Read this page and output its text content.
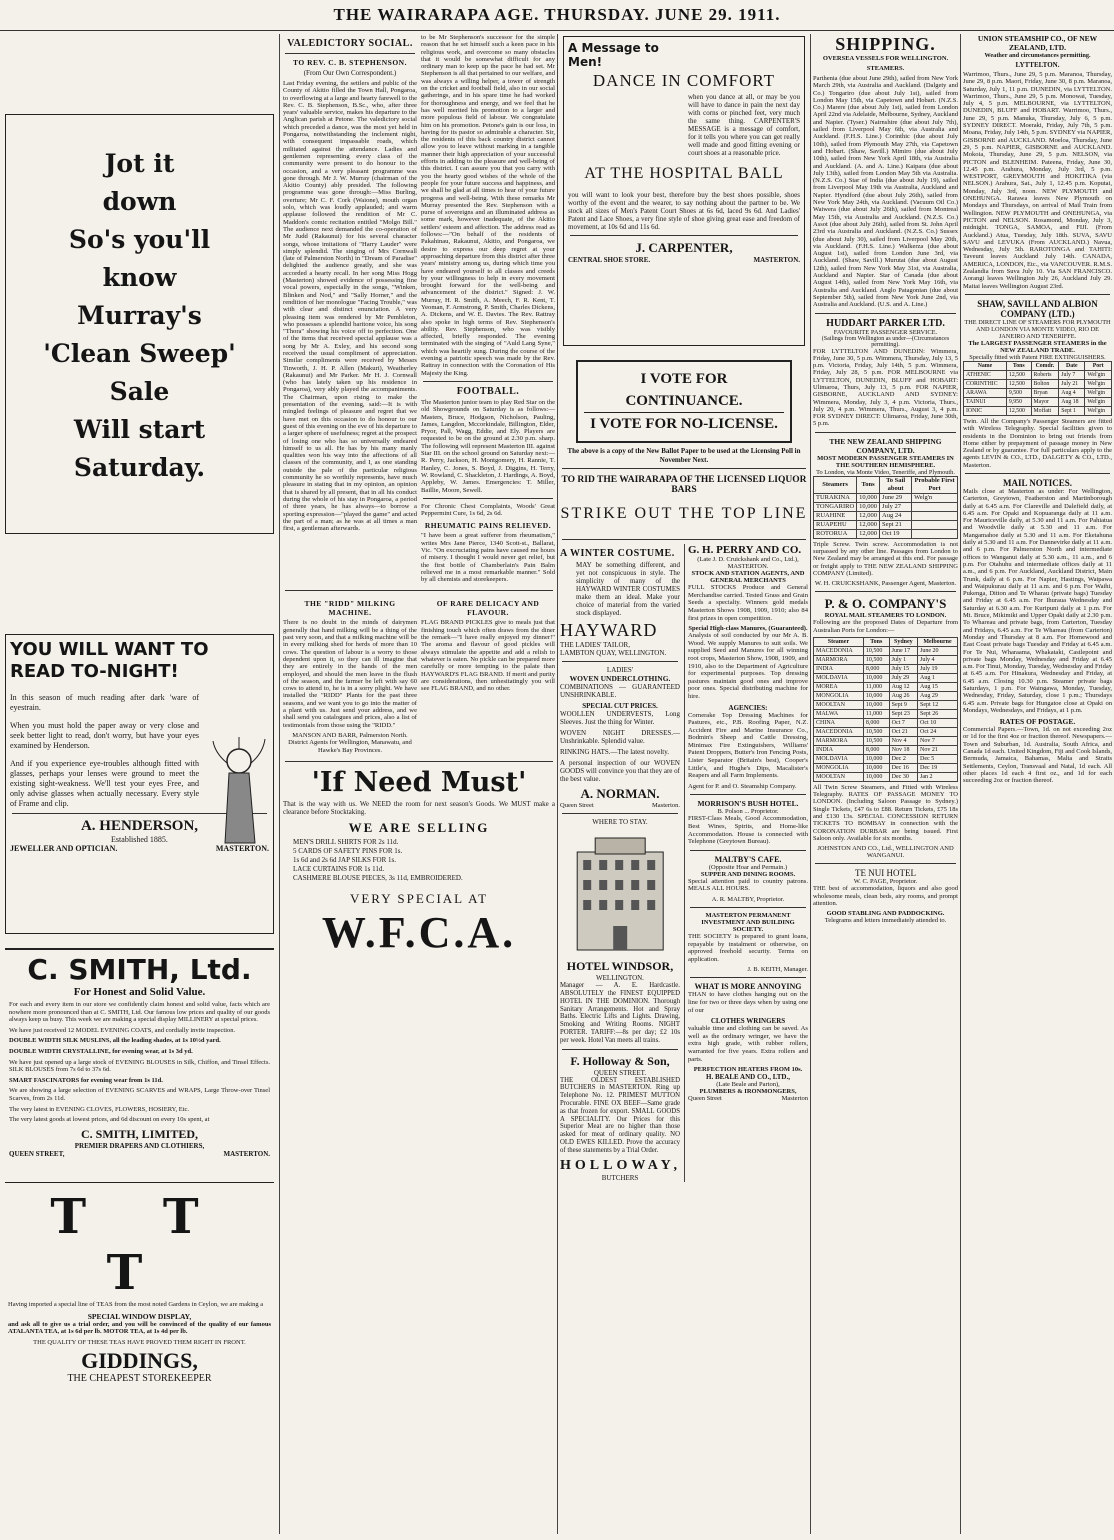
THE WAIRARAPA AGE. THURSDAY. JUNE 29. 1911.
Jot it
down
So's you'll
know
Murray's
'Clean Sweep'
Sale
Will start
Saturday.
YOU WILL WANT TO READ TO-NIGHT!

In this season of much reading after dark 'ware of eyestrain.

When you must hold the paper away or very close and seek better light to read, don't worry, but have your eyes examined by Henderson.

And if you experience eye-troubles although fitted with glasses, perhaps your lenses were ground to meet the existing sight-weakness. We'll test your eyes Free, and only advise glasses when actually necessary. Every style of Frame and clip.

A. HENDERSON,
Established 1885.
JEWELLER AND OPTICIAN.	MASTERTON.
C. SMITH, Ltd.
For Honest and Solid Value.

For each and every item in our store we confidently claim honest and solid value, facts which are nowhere more pronounced than at C. SMITH, Ltd. Our famous low prices and quality of our goods always keep us busy. This week we are making a special display MILLINERY at special prices.

We have just received 12 MODEL EVENING COATS, and cordially invite inspection.

DOUBLE WIDTH SILK MUSLINS, all the leading shades, at 1s 10½d yard.

DOUBLE WIDTH CRYSTALLINE, for evening wear, at 1s 3d yd.

We have just opened up a large stock of EVENING BLOUSES in Silk, Chiffon, and Tinsel Effects. SILK BLOUSES from 7s 6d to 37s 6d.

SMART FASCINATORS for evening wear from 1s 11d.

We are showing a large selection of EVENING SCARVES and WRAPS, Large Throw-over Tinsel Scarves, from 2s 11d.

The very latest in EVENING CLOVES, FLOWERS, HOSIERY, Etc.

The very latest goods at lowest prices, and 6d discount on every 10s spent, at

C. SMITH, LIMITED,
PREMIER DRAPERS AND CLOTHIERS,
QUEEN STREET,	MASTERTON.
T T T

Having imported a special line of TEAS from the most noted Gardens in Ceylon, we are making a

SPECIAL WINDOW DISPLAY,

and ask all to give us a trial order, and you will be convinced of the quality of our famous ATALANTA TEA, at 1s 6d per lb. MOTOR TEA, at 1s 4d per lb.

THE QUALITY OF THESE TEAS HAVE PROVED THEM RIGHT IN FRONT.

GIDDINGS,
THE CHEAPEST STOREKEEPER
VALEDICTORY SOCIAL.
TO REV. C. B. STEPHENSON.
(From Our Own Correspondent.)

Last Friday evening, the settlers and public of the County of Akitio filled the Town Hall, Pongaroa, to overflowing at a large and hearty farewell to the Rev. C. B. Stephenson, B.Sc., who, after three years' valuable service, makes his departure to the Anglican parish at Petone. The valedictory social which preceded a dance, was the most yet held in Pongaroa, notwithstanding the inclement night, with consequent impassable roads, which militated against the attendance. Ladies and gentlemen representing every class of the community were present to do honour to the occasion, and a very pleasant programme was gone through. Mr J. W. Murray (chairman of the Akitio County) ably presided. The following programme was gone through:—Miss Burling, overture; Mr C. F. Cork (Waione), mouth organ solo, which was loudly applauded; and warm applause followed the rendition of Mr C. Maddon's comic recitation entitled "Molgo Bill." The audience next demanded the co-operation of Mr Judd (Rakaunui) for his several character songs, whose imitations of "Harry Lauder" were simply splendid. The singing of Mrs Cornwall (late of Palmerston North) in "Dream of Paradise" delighted the audience greatly, and she was accorded a hearty recall. In her song Miss Hogg (Masterton) showed evidence of possessing fine vocal powers, especially in the songs, "Winken, Blinken and Nod," and "Sally Horner," and the rendition of her monologue "Facing Trouble," was with clear and distinct enunciation. A very pleasing item was rendered by Mr Pembleton, who possesses a splendid baritone voice, his song "Thora" showing his voice off to perfection. One of the items that received special applause was a song by Mr A. Exley, and his second song received the usual compliment of appreciation. Similar compliments were received by Messrs Tinworth, J. H. P. Allen (Makuri), Weatherley (Rakaunui) and Mr Parker. Mr H. J. Cornwall (who has lately taken up his residence in Pongaroa), very ably played the accompaniments. The Chairman, upon rising to make the presentation of the evening, said:—It is with mingled feelings of pleasure and regret that we have met on this occasion to do honour to our guest of this evening on the eve of his departure to a larger sphere of usefulness; regret at the prospect of losing one who has so universally endeared himself to us all. He has by his many manly qualities won his way into the affections of all classes of the community, and I, as one standing outside the pale of the particular religious community he so worthily represents, have much pleasure in stating that in my opinion, an opinion that is shared by all present, that in all his conduct during the whole of his stay in Pongaroa, a period of three years, he has always—to borrow a sporting expression—"played the game" and acted the part of a man; as he was at all times a man first, a gentleman afterwards.

to be Mr Stephenson's successor for the simple reason that he set himself such a keen pace in his religious work, and overcome so many obstacles that it would be somewhat difficult for any ordinary man to keep up the pace he had set. Mr Stephenson is all that pertained to our welfare, and was always a willing helper, a tower of strength on the cricket and football field, also in our social gatherings, and in his spare time he had worked for thoroughness and energy, and we feel that he has well merited his promotion to a larger and more populous field of labour. We congratulate him on his promotion. Petone's gain is our loss, in having for its pastor so admirable a character. Sir, the residents of this back country district cannot allow you to leave without marking in a tangible manner their high appreciation of your successful efforts in adding to the pleasure and well-being of this district. I can assure you that you carry with you the hearty good wishes of the whole of the people for your future success and happiness, and we shall be glad at all times to hear of your future progress and well-being. With these remarks Mr Murray presented the Rev. Stephenson with a purse of sovereigns and an illuminated address as some mark, however inadequate, of the Akitio settlers' esteem and affection. The address read as follows:—"On behalf of the residents of Pakahinau, Rakaunui, Akitio, and Pongaroa, we desire to express our deep regret at your approaching departure from this district after three years' ministry among us, during which time you have endeared yourself to all classes and creeds by your willingness to help in every movement brought forward for the well-being and advancement of the district." Signed: J. W. Murray, H. R. Smith, A. Meech, F. R. Kent, T. Yeoman, F. Armstrong, P. Smith, Charles Dickens, A. Dickens, and W. E. Davies. The Rev. Rattray also spoke in high terms of Rev. Stephenson's ability. Rev. Stephenson, who was visibly affected, briefly responded. The evening terminated with the singing of "Auld Lang Syne," which was heartily sung. During the course of the evening a patriotic speech was made by the Rev. Rattray in connection with the Coronation of His Majesty the King.

FOOTBALL.

The Masterton junior team to play Red Star on the old Showgrounds on Saturday is as follows:—Masters, Bruce, Hodgson, Nicholson, Pauling, James, Langdon, Mccorkindale, Billington, Elder, Pryor, Pall, Wagg, Eddie, and Ely. Players are requested to be on the ground at 2.30 p.m. sharp. The following will represent Masterton III. against Star III. on the school ground on Saturday next:—R. Perry, Jackson, H. Montgomery, H. Rannie, T. Hanley, C. Jones, S. Boyd, J. Diggins, H. Terry, W. Rowland, C. Shackleton, J. Hardings, A. Boyd, Appleby, W. James. Emergencies: T. Miller, Baillie, Moore, Sewell.

For Chronic Chest Complaints, Woods' Great Peppermint Cure, 1s 6d, 2s 6d.

RHEUMATIC PAINS RELIEVED.

"I have been a great sufferer from rheumatism," writes Mrs Jane Pierce, 1340 Scott-st., Ballarat, Vic. "On excruciating pains have caused me hours of misery. I thought I would never get relief, but the first bottle of Chamberlain's Pain Balm relieved me in a most remarkable manner." Sold by all chemists and storekeepers.

THE "RIDD" MILKING MACHINE.

There is no doubt in the minds of dairymen generally that hand milking will be a thing of the past very soon, and that a milking machine will be in every milking shed for herds of more than 10 cows. The question of labour is a worry to those dependent upon it, so they can ill imagine that they are entirely in the hands of the men employed, and should the men leave in the flush of the season, and the farmer be left with say 60 cows to attend to, he is in a sorry plight. We have installed the "RIDD" Plants for the past three seasons, and we want you to go into the matter of a plant with us. Just send your address, and we shall send you catalogues and prices, also a list of testimonials from those using the "RIDD."

MANSON AND BARR, Palmerston North. District Agents for Wellington, Manawatu, and Hawke's Bay Provinces.

OF RARE DELICACY AND FLAVOUR.

FLAG BRAND PICKLES give to meals just that finishing touch which often draws from the diner the remark—"I have really enjoyed my dinner!" The aroma and flavour of good pickles will always stimulate the appetite and add a relish to whatever is eaten. No pickle can be prepared more carefully or more tempting to the palate than HAYWARD'S FLAG BRAND. If merit and purity are considerations, then unhesitatingly you will see FLAG BRAND, and no other.

'If Need Must'

That is the way with us. We NEED the room for next season's Goods. We MUST make a clearance before Stocktaking.

WE ARE SELLING
MEN'S DRILL SHIRTS FOR 2s 11d.
5 CARDS OF SAFETY PINS FOR 1s.
1s 6d and 2s 6d JAP SILKS FOR 1s.
LACE CURTAINS FOR 1s 11d.
CASHMERE BLOUSE PIECES, 3s 11d, EMBROIDERED.
VERY SPECIAL AT
W.F.C.A.
A Message to Men!
DANCE IN COMFORT

when you dance at all, or may be you will have to dance in pain the next day with corns or pinched feet, very much the same thing. CARPENTER'S MESSAGE is a message of comfort, for it tells you where you can get really well made and good fitting evening or court shoes at a reasonable price.

AT THE HOSPITAL BALL

you will want to look your best, therefore buy the best shoes possible, shoes worthy of the event and the wearer, to say nothing about the partner to be. We stock all sizes of Men's Patent Court Shoes at 6s 6d, laced 9s 6d. And Ladies' Patent and Lace Shoes, a very fine style of shoe giving great ease and freedom of movement, at 10s 6d and 11s 6d.

J. CARPENTER,
CENTRAL SHOE STORE.	MASTERTON.
I VOTE FOR CONTINUANCE.
I VOTE FOR NO-LICENSE.

The above is a copy of the New Ballot Paper to be used at the Licensing Poll in November Next.

TO RID THE WAIRARAPA OF THE LICENSED LIQUOR BARS
STRIKE OUT THE TOP LINE
A WINTER COSTUME.

MAY be something different, and yet not conspicuous in style. The simplicity of many of the HAYWARD WINTER COSTUMES make them an ideal. Make your choice of material from the varied stock displayed.

HAYWARD
THE LADIES' TAILOR,
LAMBTON QUAY, WELLINGTON.
LADIES'
WOVEN UNDERCLOTHING.

COMBINATIONS — GUARANTEED UNSHRINKABLE.

SPECIAL CUT PRICES.

WOOLLEN UNDERVESTS, Long Sleeves. Just the thing for Winter.

WOVEN NIGHT DRESSES.—Unshrinkable. Splendid value.

RINKING HATS.—The latest novelty.

A personal inspection of our WOVEN GOODS will convince you that they are of the best value.

A. NORMAN.
Queen Street	Masterton.
WHERE TO STAY.
HOTEL WINDSOR,
WELLINGTON.

Manager — A. E. Hardcastle. ABSOLUTELY the FINEST EQUIPPED HOTEL IN THE DOMINION. Thorough Sanitary Arrangements. Hot and Spray Baths. Electric Lifts and Lights. Drawing, Smoking and Writing Rooms. NIGHT PORTER. TARIFF:—8s per day; £2 10s per week. Hotel Van meets all trains.

F. Holloway & Son,
QUEEN STREET.

THE OLDEST ESTABLISHED BUTCHERS in MASTERTON. Ring up Telephone No. 12. PRIMEST MUTTON Procurable. FINE OX BEEF—Same grade as that frozen for export. SMALL GOODS A SPECIALITY. Our Prices for this Superior Meat are no higher than those asked for meat of ordinary quality. NO OLD EWES KILLED. Prove the accuracy of these statements by a Trial Order.

HOLLOWAY,
BUTCHERS
G. H. PERRY AND CO.
(Late J. D. Cruickshank and Co., Ltd.),
MASTERTON.
STOCK AND STATION AGENTS, AND GENERAL MERCHANTS

FULL STOCKS Produce and General Merchandise carried. Tested Grass and Grain Seeds a specialty. Winners gold medals Masterton Shows 1908, 1909, 1910; also 84 first prizes in open competition.

Special High-class Manures, (Guaranteed).

Analysis of soil conducted by our Mr A. B. Wood. We supply Manures to suit soils. We supplied Seed and Manures for all winning root crops, Masterton Show, 1908, 1909, and 1910, also to the Department of Agriculture for experimental purposes. Top dressing pastures maintain good ones and improve poor ones. Special distributing machine for hire.

AGENCIES:

Cornerake Top Dressing Machines for Pastures, etc., P.B. Roofing Paper, N.Z. Accident Fire and Marine Insurance Co., Bodmin's Sheep and Cattle Dressing, Minimax Fire Extinguishers, Williams' Patent Droppers, Butter's Iron Fencing Posts, Lister Separator (Britain's best), Cooper's Little's, and Hughe's Dips, Macalister's Reapers and all Farm Implements.

Agent for P. and O. Steamship Company.

MORRISON'S BUSH HOTEL.
B. Polson ... Proprietor.

FIRST-Class Meals, Good Accommodation, Best Wines, Spirits, and Home-like Accommodation. House is connected with Telephone (Greytown Bureau).

MALTBY'S CAFE.
(Opposite Hoar and Permain.)
SUPPER AND DINING ROOMS.

Special attention paid to country patrons. MEALS ALL HOURS.

A. R. MALTBY, Proprietor.
MASTERTON PERMANENT INVESTMENT AND BUILDING SOCIETY.

THE SOCIETY is prepared to grant loans, repayable by instalment or otherwise, on approved freehold security. Terms on application.

J. B. KEITH, Manager.
WHAT IS MORE ANNOYING

THAN to have clothes hanging out on the line for two or three days when by using one of our

CLOTHES WRINGERS

valuable time and clothing can be saved. As well as the ordinary wringer, we have the extra high grade, with rubber rollers, warranted for five years. Extra rollers and parts.

PERFECTION HEATERS FROM 10s.
H. BEALE AND CO., LTD.,
(Late Beale and Parton),
PLUMBERS & IRONMONGERS,
Queen Street	Masterton
SHIPPING.
OVERSEA VESSELS FOR WELLINGTON.
STEAMERS.

Parthenia (due about June 29th), sailed from New York March 29th, via Australia and Auckland. (Dalgety and Co.) Tongariro (due about July 1st), sailed from London May 15th, via Capetown and Hobart. (N.Z.S. Co.) Marere (due about July 1st), sailed from London April 22nd via Adelaide, Melbourne, Sydney, Auckland and Napier. (Tyser.) Nairnshire (due about July 7th), sailed from Liverpool May 6th, via Australia and Auckland. (F.H.S. Line.) Corinthic (due about July 10th), sailed from Plymouth May 27th, via Capetown and Hobart. (Shaw, Savill.) Mimiro (due about July 10th), sailed from New York April 18th, via Australia and Auckland. (A. and A. Line.) Kaipara (due about July 13th), sailed from London May 5th via Australia. (N.Z.S. Co.) Star of India (due about July 19), sailed from Liverpool May 19th via Australia, Auckland and Napier. Hyndford (due about July 26th), sailed from New York May 24th, via Auckland. (Vacuum Oil Co.) Waiwera (due about July 26th), sailed from Montreal May 15th, via Australia and Auckland. (N.Z.S. Co.) Assot (due about July 26th), sailed from St. John April 23rd via Australia and Auckland. (N.Z.S. Co.) Sussex (due about July 30), sailed from Liverpool May 20th, via Auckland. (F.H.S. Line.) Walkerza (due about August 1st), sailed from London June 3rd, via Auckland. (Shaw, Savill.) Murutai (due about August 12th), sailed from New York May 31st, via Australia, Auckland and Napier. Star of Canada (due about August 14th), sailed from New York May 16th, via Australia and Auckland. Anglo Patagonian (due about September 5th), sailed from New York June 2nd, via Australia and Auckland. (U.S. and A. Line.)

HUDDART PARKER LTD.
FAVOURITE PASSENGER SERVICE.
(Sailings from Wellington as under—(Circumstances permitting).

FOR LYTTELTON AND DUNEDIN: Wimmera, Friday, June 30, 5 p.m. Wimmera, Thursday, July 13, 5 p.m. Victoria, Friday, July 14th, 5 p.m. Wimmera, Friday, July 28, 5 p.m. FOR MELBOURNE via LYTTELTON, DUNEDIN, BLUFF and HOBART: Ulimaroa, Thurs, July 13, 5 p.m. FOR NAPIER, GISBORNE, AUCKLAND AND SYDNEY: Wimmera, Monday, July 3, 4 p.m. Victoria, Thurs., July 20, 4 p.m. Wimmera, Thurs., August 3, 4 p.m. FOR SYDNEY DIRECT: Ulimaroa, Friday, June 30th, 5 p.m.

THE NEW ZEALAND SHIPPING COMPANY, LTD.
MOST MODERN PASSENGER STEAMERS IN THE SOUTHERN HEMISPHERE.
To London, via Monte Video, Teneriffe, and Plymouth.
Steamers	Tons	To Sail about	Probable First Port
TURAKINA	10,000	June 29	Welg'n
TONGARIRO	10,000	July 27	
RUAHINE	12,000	Aug 24	
RUAPEHU	12,000	Sept 21	
ROTORUA	12,000	Oct 19	

Triple Screw. Twin screw. Accommodation is not surpassed by any other line. Passages from London to New Zealand may be arranged at this end. For passage or freight apply to THE NEW ZEALAND SHIPPING COMPANY (Limited).

W. H. CRUICKSHANK, Passenger Agent, Masterton.
P. & O. COMPANY'S
ROYAL MAIL STEAMERS TO LONDON.

Following are the proposed Dates of Departure from Australian Ports for London:—

Steamer	Tons	Sydney	Melbourne
MACEDONIA	10,500	June 17	June 20
MARMORA	10,500	July 1	July 4
INDIA	8,000	July 15	July 19
MOLDAVIA	10,000	July 29	Aug 1
MOREA	11,000	Aug 12	Aug 15
MONGOLIA	10,000	Aug 26	Aug 29
MOOLTAN	10,000	Sept 9	Sept 12
MALWA	11,000	Sept 23	Sept 26
CHINA	8,000	Oct 7	Oct 10
MACEDONIA	10,500	Oct 21	Oct 24
MARMORA	10,500	Nov 4	Nov 7
INDIA	8,000	Nov 18	Nov 21
MOLDAVIA	10,000	Dec 2	Dec 5
MONGOLIA	10,000	Dec 16	Dec 19
MOOLTAN	10,000	Dec 30	Jan 2

All Twin Screw Steamers, and Fitted with Wireless Telegraphy. RATES OF PASSAGE MONEY TO LONDON. (Including Saloon Passage to Sydney.) Single Tickets, £47 6s to £88. Return Tickets, £75 18s and £130 13s. SPECIAL CONCESSION RETURN TICKETS TO BOMBAY in connection with the CORONATION DURBAR are being issued. First Saloon only. Available for six months.

JOHNSTON AND CO., Ltd., WELLINGTON AND WANGANUI.
TE NUI HOTEL
W. C. PAGE, Proprietor.

THE best of accommodation, liquors and also good wholesome meals, clean beds, airy rooms, and prompt attention.

GOOD STABLING AND PADDOCKING.
Telegrams and letters immediately attended to.
UNION STEAMSHIP CO., OF NEW ZEALAND, LTD.
Weather and circumstances permitting.
LYTTELTON.

Warrimoo, Thurs., June 29, 5 p.m. Maranoa, Thursday, June 29, 8 p.m. Maori, Friday, June 30, 8 p.m. Maranoa, Saturday, July 1, 11 p.m. DUNEDIN, via LYTTELTON. Warrimoo, Thurs., June 29, 5 p.m. Monowai, Tuesday, July 4, 5 p.m. MELBOURNE, via LYTTELTON, DUNEDIN, BLUFF and HOBART. Warrimoo, Thurs., June 29, 5 p.m. Manuka, Thursday, July 6, 5 p.m. SYDNEY DIRECT. Moeraki, Friday, July 7th, 5 p.m. Moana, Friday, July 14th, 5 p.m. SYDNEY via NAPIER, GISBORNE and AUCKLAND. Moeloa, Thursday, June 29, 5 p.m. NAPIER, GISBORNE and AUCKLAND. Mokoia, Thursday, June 29, 5 p.m. NELSON, via PICTON and BLENHEIM. Pateena, Friday, June 30, 12.45 p.m. Arahura, Monday, July 3rd, 5 p.m. WESTPORT, GREYMOUTH and HOKITIKA (via NELSON.) Arahura, Sat., July 1, 12.45 p.m. Koputai, Monday, July 3rd, noon. NEW PLYMOUTH and ONEHUNGA. Rarawa leaves New Plymouth on Mondays and Thursdays, on arrival of Mail Train from Wellington. NEW PLYMOUTH and ONEHUNGA, via PICTON and NELSON. Rosamond, Monday, July 3, midnight. TONGA, SAMOA, and FIJI. (From Auckland.) Atua, Tuesday, July 18th. SUVA, SAVU SAVU and LEVUKA (From AUCKLAND.) Navua, Wednesday, July 5th. RAROTONGA and TAHITI: Taveuni leaves Auckland July 14th. CANADA, AMERICA, LONDON, Etc., via VANCOUVER. R.M.S. Zealandia from Suva July 10. Via SAN FRANCISCO. Aorangi leaves Wellington July 26, Auckland July 29. Maitai leaves Wellington August 23rd.

SHAW, SAVILL AND ALBION COMPANY (LTD.)
THE DIRECT LINE OF STEAMERS FOR PLYMOUTH AND LONDON VIA MONTE VIDEO, RIO DE JANEIRO AND TENERIFFE.
The LARGEST PASSENGER STEAMERS in the NEW ZEALAND TRADE.
Specially fitted with Patent FIRE EXTINGUISHERS.
Name	Tons	Comdr.	Date	Port
ATHENIC	12,500	Roberts	July 7	Wel'gtn
CORINTHIC	12,500	Bolton	July 21	Wel'gtn
ARAWA	9,500	Bryan	Aug 4	Wel'gtn
TAINUI	9,950	Mayor	Aug 18	Wel'gtn
IONIC	12,500	Moffatt	Sept 1	Wel'gtn

Twin. All the Company's Passenger Steamers are fitted with Wireless Telegraphy. Special facilities given to residents in the Dominion to bring out friends from Home either by prepayment of passage money in New Zealand or by guarantee. For full particulars apply to the agents LEVIN & CO., LTD., DALGETY & CO., LTD., Masterton.

MAIL NOTICES.

Mails close at Masterton as under: For Wellington, Carterton, Greytown, Featherston and Martinborough daily at 6.45 a.m. For Clareville and Dalefield daily, at 6.45 a.m. For Opaki and Kopuaranga daily at 11 a.m. For Mauriceville daily, at 5.30 and 11 a.m. For Pahiatua and Woodville daily at 5.30 and 11 a.m. For Mangamahoe daily at 5.30 and 11 a.m. For Eketahuna daily at 5.30 and 11 a.m. For Dannevirke daily at 11 a.m. and 6 p.m. For Palmerston North and intermediate offices to Wanganui daily at 5.30 a.m., 11 a.m., and 6 p.m. For Otahuhu and intermediate offices daily at 11 a.m., and 6 p.m. For Auckland, Auckland District, Main Trunk, daily at 6 p.m. For Napier, Hastings, Waipawa and Waipukurau daily at 11 a.m. and 6 p.m. For Waihi, Pukenga, Ditton and Te Wharau (private bags) Tuesday and Friday at 6.45 a.m. For Ihuraua Wednesday and Saturday at 6.30 a.m. For Kuripuni daily at 1 p.m. For Mt. Bruce, Mikimiki and Upper Opaki daily at 2.30 p.m. To Whareau and private bags, from Carterton, Tuesday and Fridays, 6.45 a.m. For Te Whareau (from Carterton) Monday and Thursday at 8 a.m. For Homewood and East Coast private bags Tuesday and Friday at 6.45 a.m. For Te Nui, Wharaama, Whakataki, Castlepoint and private bags Monday, Wednesday and Friday at 6.45 a.m. For Tinui, Monday, Tuesday, Wednesday and Friday at 6.45 a.m. For Hinakura, Wednesday and Friday, at 6.45 a.m. Closing 10.30 p.m. Steamer private bags Saturdays, 1 p.m. For Waingawa, Monday, Tuesday, Wednesday, Friday, Saturday, close 1 p.m.; Thursdays 6.45 a.m. Private bags for Hungatoe close at Opaki on Mondays, Wednesdays, and Fridays, at 1 p.m.

RATES OF POSTAGE.

Commercial Papers.—Town, 1d. on not exceeding 2oz or 1d for the first 4oz or fraction thereof. Newspapers.—Town and Suburban, 1d. Australia, South Africa, and Canada 1d each. United Kingdom, Fiji and Cook Islands, Bermuda, Jamaica, Bahamas, Malta and Straits Settlements, Ceylon, Transvaal and Natal, 1d each. All other places 1d each 4 first oz., and 1d for each succeeding 2oz or fraction thereof.
